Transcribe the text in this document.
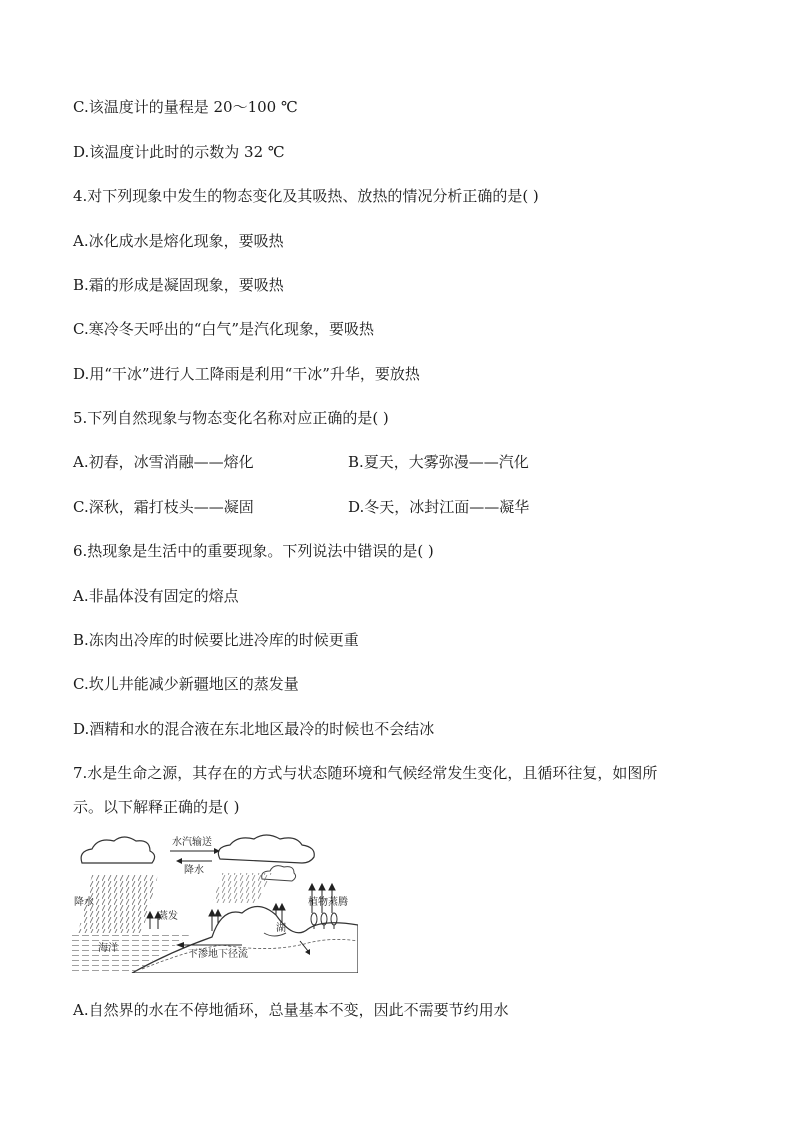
C.该温度计的量程是 20～100 ℃
D.该温度计此时的示数为 32 ℃
4.对下列现象中发生的物态变化及其吸热、放热的情况分析正确的是( )
A.冰化成水是熔化现象，要吸热
B.霜的形成是凝固现象，要吸热
C.寒冷冬天呼出的“白气”是汽化现象，要吸热
D.用“干冰”进行人工降雨是利用“干冰”升华，要放热
5.下列自然现象与物态变化名称对应正确的是( )
A.初春，冰雪消融——熔化	B.夏天，大雾弥漫——汽化
C.深秋，霜打枝头——凝固	D.冬天，冰封江面——凝华
6.热现象是生活中的重要现象。下列说法中错误的是( )
A.非晶体没有固定的熔点
B.冻肉出冷库的时候要比进冷库的时候更重
C.坎儿井能减少新疆地区的蒸发量
D.酒精和水的混合液在东北地区最冷的时候也不会结冰
7.水是生命之源，其存在的方式与状态随环境和气候经常发生变化，且循环往复，如图所
示。以下解释正确的是( )
水汽输送
降水
降水
蒸发
海洋
湖
植物蒸腾
下渗地下径流
A.自然界的水在不停地循环，总量基本不变，因此不需要节约用水
